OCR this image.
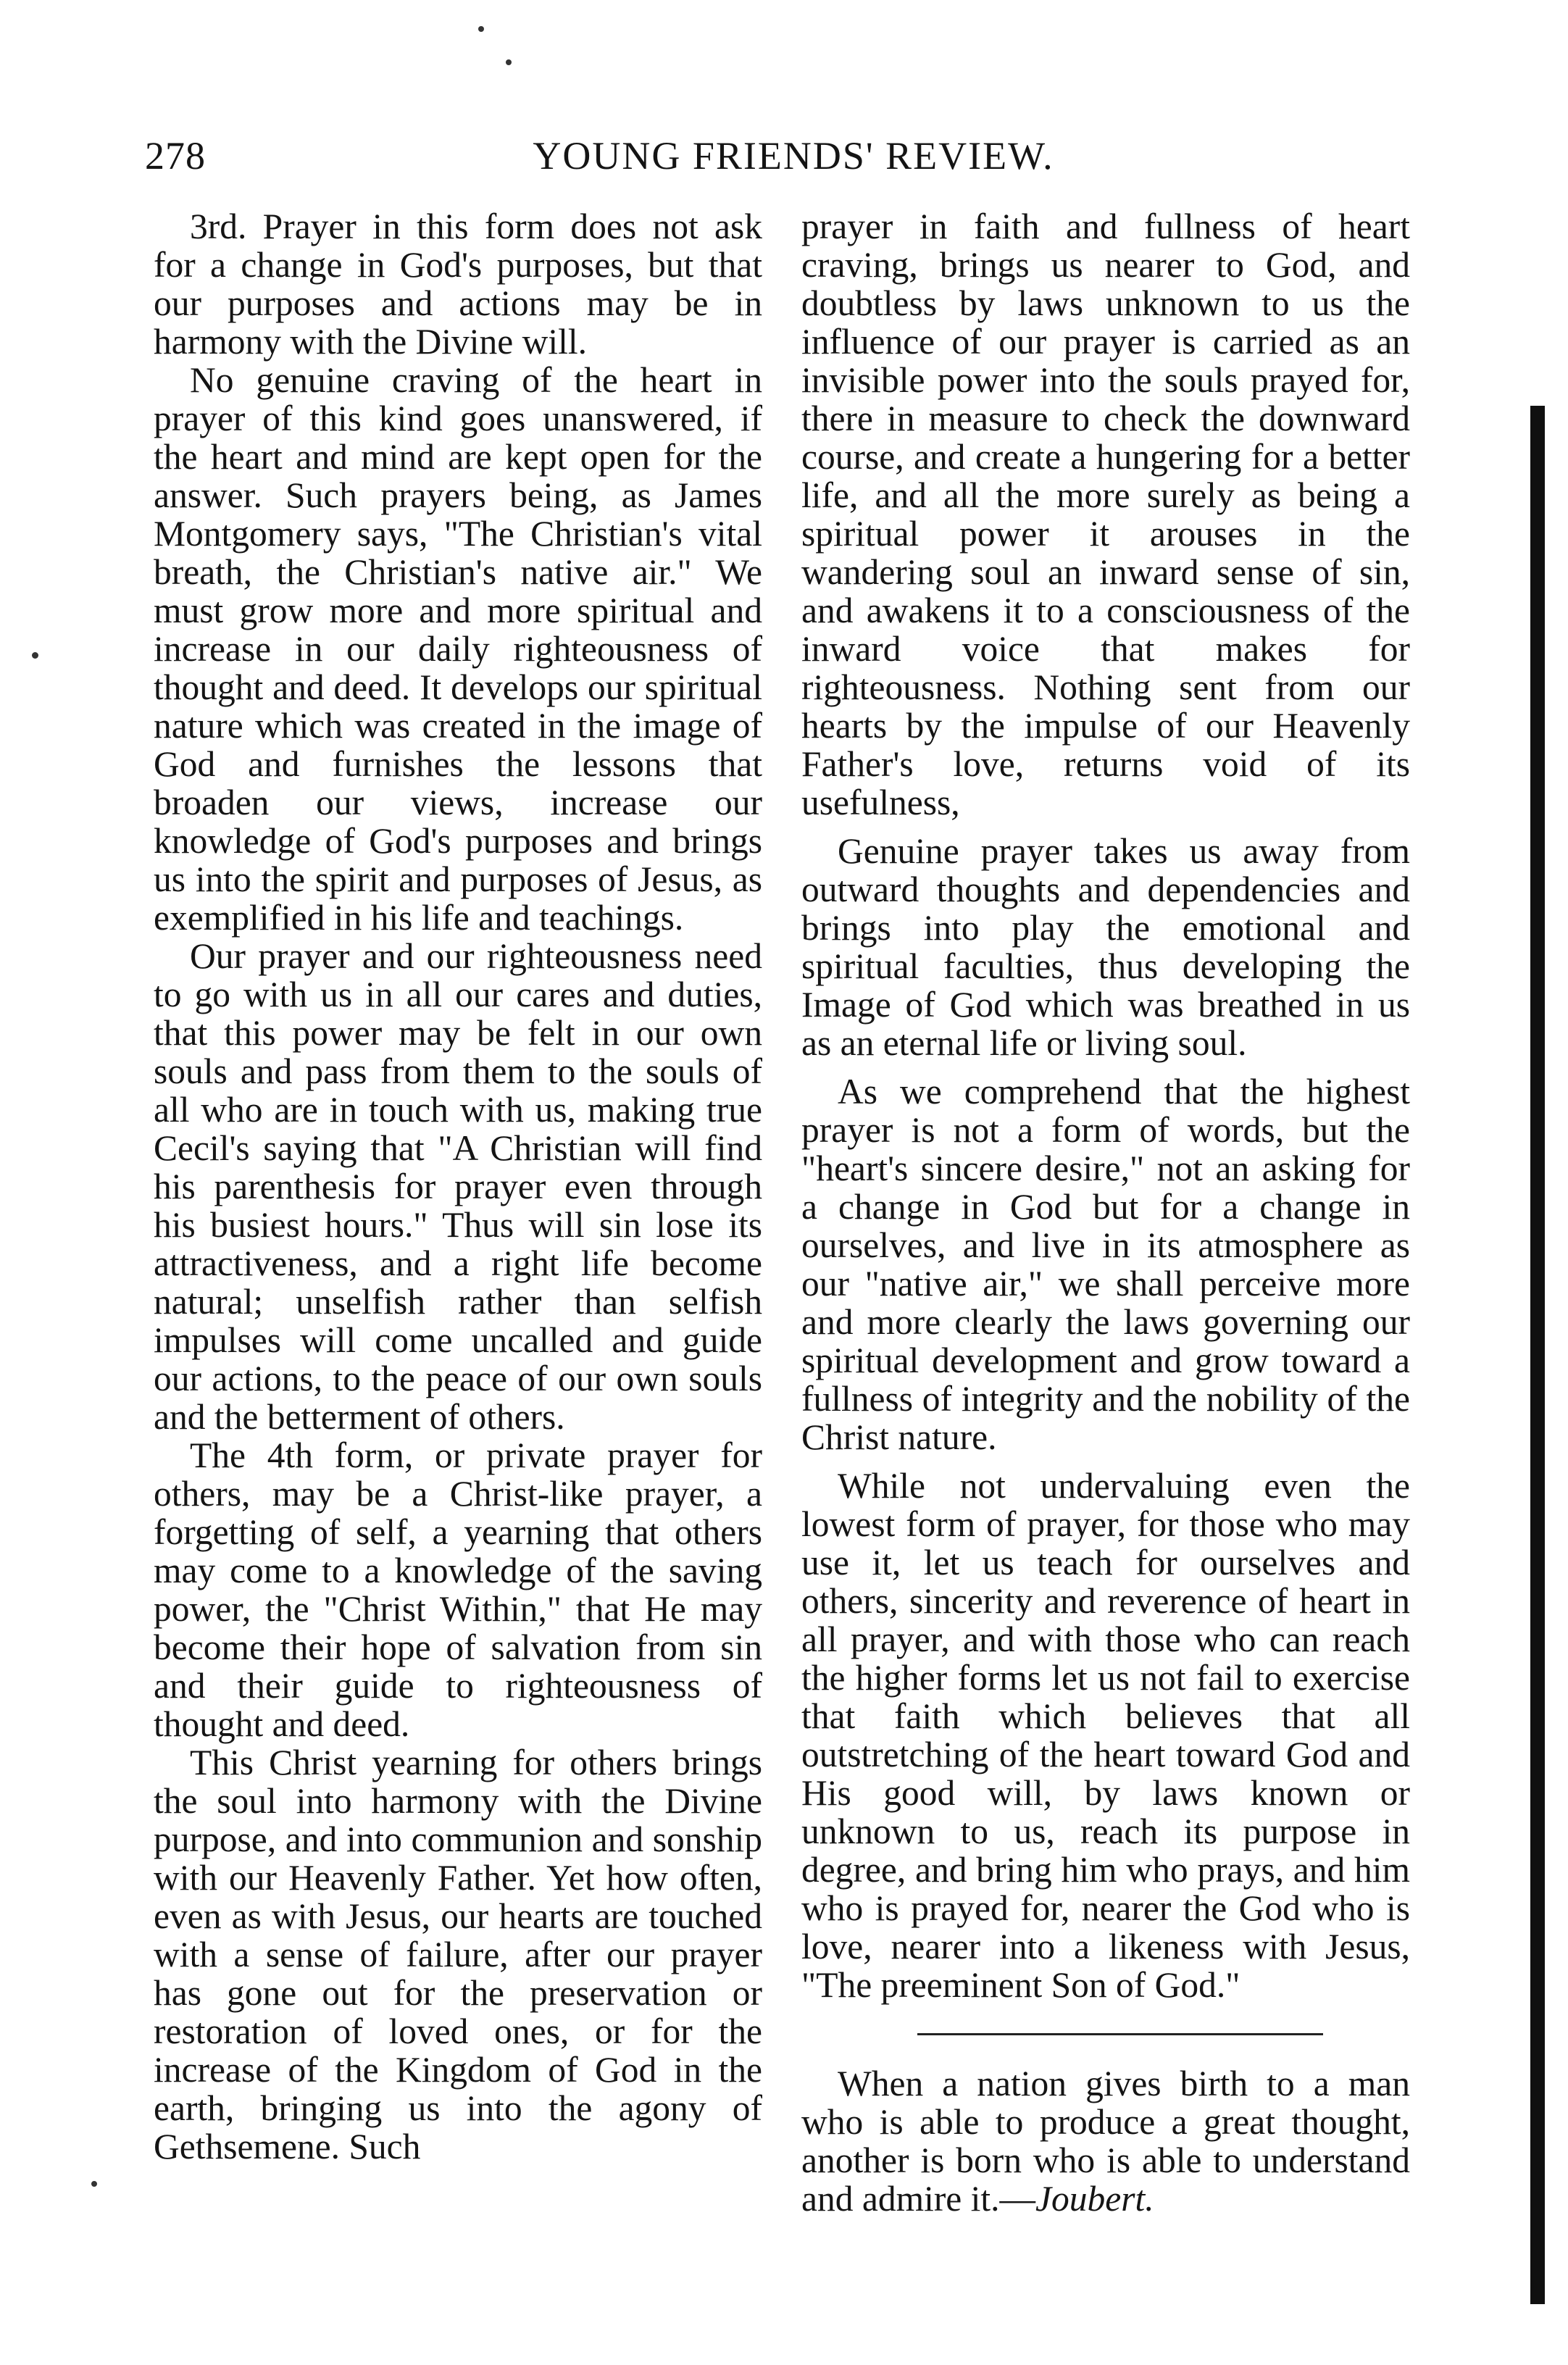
278	YOUNG FRIENDS' REVIEW.

3rd. Prayer in this form does not ask for a change in God's purposes, but that our purposes and actions may be in harmony with the Divine will.

No genuine craving of the heart in prayer of this kind goes unanswered, if the heart and mind are kept open for the answer. Such prayers being, as James Montgomery says, "The Christian's vital breath, the Christian's native air." We must grow more and more spiritual and increase in our daily righteousness of thought and deed. It develops our spiritual nature which was created in the image of God and furnishes the lessons that broaden our views, increase our knowledge of God's purposes and brings us into the spirit and purposes of Jesus, as exemplified in his life and teachings.

Our prayer and our righteousness need to go with us in all our cares and duties, that this power may be felt in our own souls and pass from them to the souls of all who are in touch with us, making true Cecil's saying that "A Christian will find his parenthesis for prayer even through his busiest hours." Thus will sin lose its attractiveness, and a right life become natural; unselfish rather than selfish impulses will come uncalled and guide our actions, to the peace of our own souls and the betterment of others.

The 4th form, or private prayer for others, may be a Christ-like prayer, a forgetting of self, a yearning that others may come to a knowledge of the saving power, the "Christ Within," that He may become their hope of salvation from sin and their guide to righteousness of thought and deed.

This Christ yearning for others brings the soul into harmony with the Divine purpose, and into communion and sonship with our Heavenly Father. Yet how often, even as with Jesus, our hearts are touched with a sense of failure, after our prayer has gone out for the preservation or restoration of loved ones, or for the increase of the Kingdom of God in the earth, bringing us into the agony of Gethsemene. Such

prayer in faith and fullness of heart craving, brings us nearer to God, and doubtless by laws unknown to us the influence of our prayer is carried as an invisible power into the souls prayed for, there in measure to check the downward course, and create a hungering for a better life, and all the more surely as being a spiritual power it arouses in the wandering soul an inward sense of sin, and awakens it to a consciousness of the inward voice that makes for righteousness. Nothing sent from our hearts by the impulse of our Heavenly Father's love, returns void of its usefulness,

Genuine prayer takes us away from outward thoughts and dependencies and brings into play the emotional and spiritual faculties, thus developing the Image of God which was breathed in us as an eternal life or living soul.

As we comprehend that the highest prayer is not a form of words, but the "heart's sincere desire," not an asking for a change in God but for a change in ourselves, and live in its atmosphere as our "native air," we shall perceive more and more clearly the laws governing our spiritual development and grow toward a fullness of integrity and the nobility of the Christ nature.

While not undervaluing even the lowest form of prayer, for those who may use it, let us teach for ourselves and others, sincerity and reverence of heart in all prayer, and with those who can reach the higher forms let us not fail to exercise that faith which believes that all outstretching of the heart toward God and His good will, by laws known or unknown to us, reach its purpose in degree, and bring him who prays, and him who is prayed for, nearer the God who is love, nearer into a likeness with Jesus, "The preeminent Son of God."

When a nation gives birth to a man who is able to produce a great thought, another is born who is able to understand and admire it.—Joubert.
